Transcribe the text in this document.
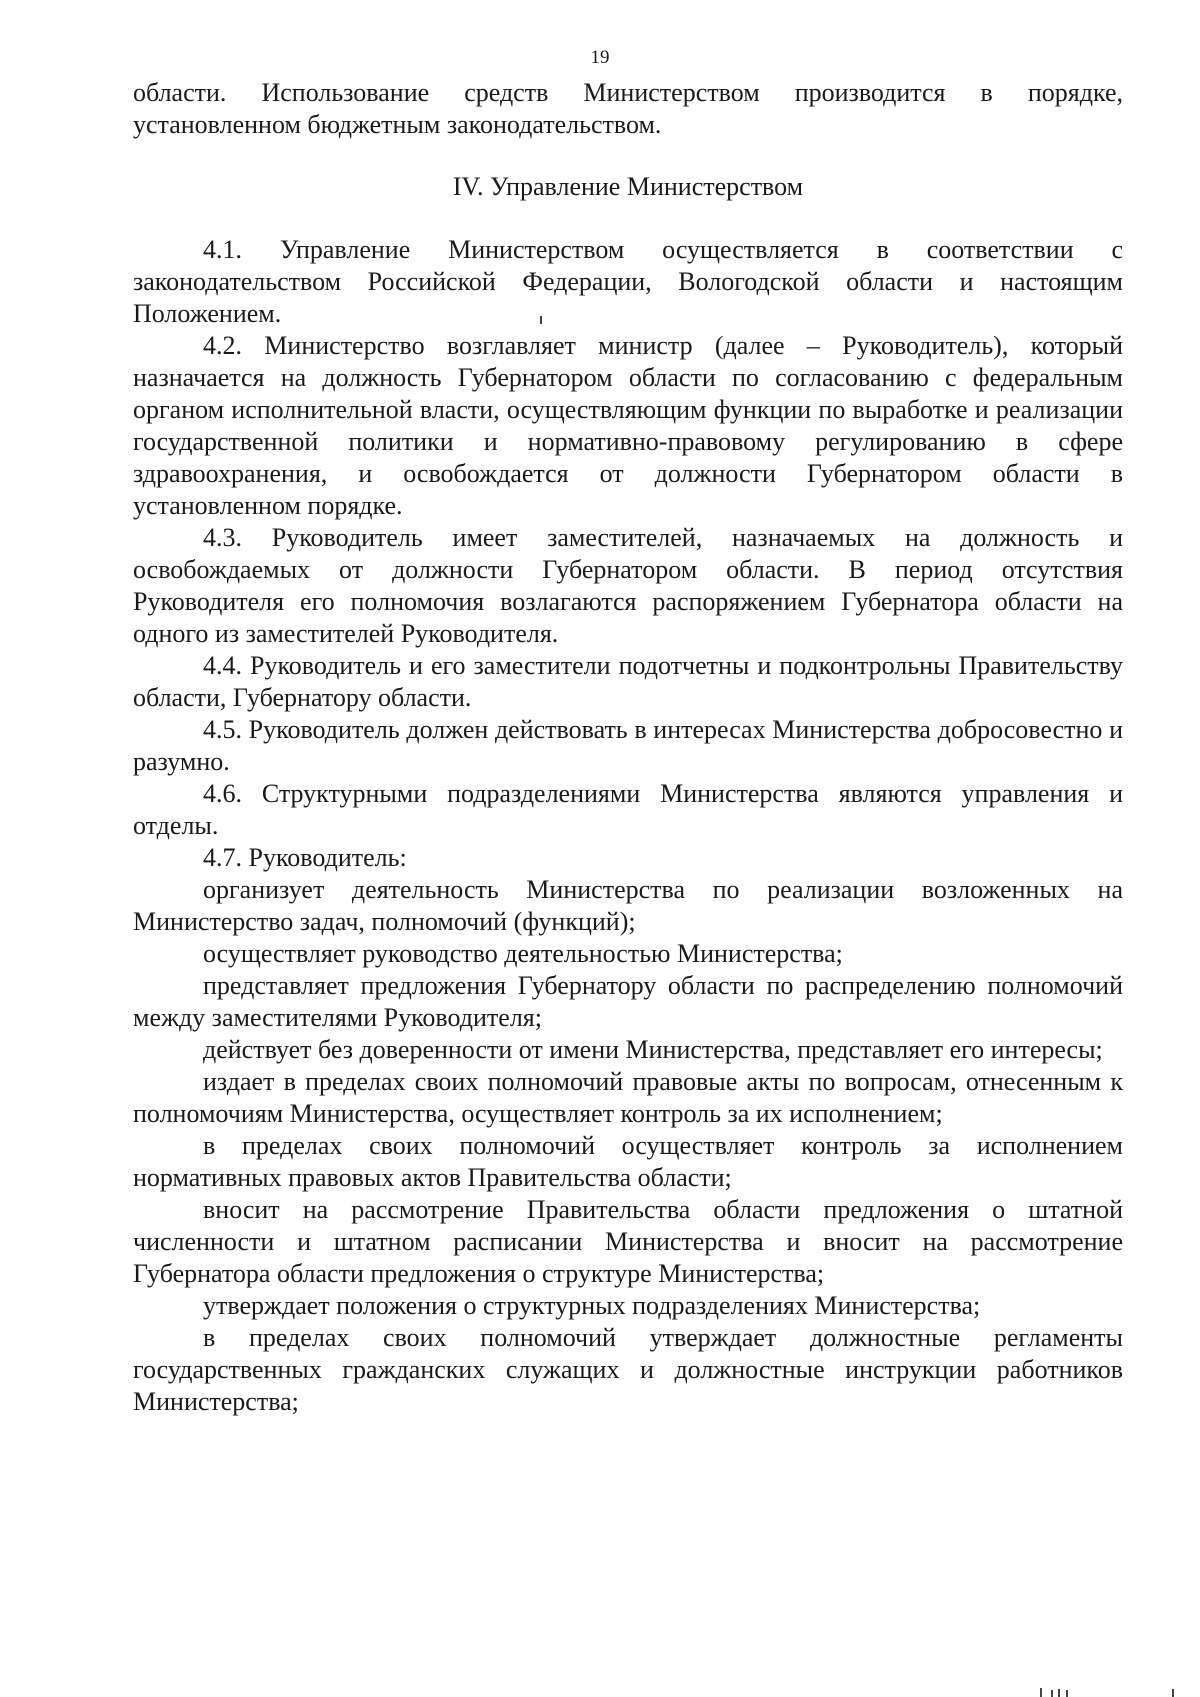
19

области. Использование средств Министерством производится в порядке, установленном бюджетным законодательством.

IV. Управление Министерством

4.1. Управление Министерством осуществляется в соответствии с законодательством Российской Федерации, Вологодской области и настоящим Положением.

4.2. Министерство возглавляет министр (далее – Руководитель), который назначается на должность Губернатором области по согласованию с федеральным органом исполнительной власти, осуществляющим функции по выработке и реализации государственной политики и нормативно-правовому регулированию в сфере здравоохранения, и освобождается от должности Губернатором области в установленном порядке.

4.3. Руководитель имеет заместителей, назначаемых на должность и освобождаемых от должности Губернатором области. В период отсутствия Руководителя его полномочия возлагаются распоряжением Губернатора области на одного из заместителей Руководителя.

4.4. Руководитель и его заместители подотчетны и подконтрольны Правительству области, Губернатору области.

4.5. Руководитель должен действовать в интересах Министерства добросовестно и разумно.

4.6. Структурными подразделениями Министерства являются управления и отделы.

4.7. Руководитель:

организует деятельность Министерства по реализации возложенных на Министерство задач, полномочий (функций);

осуществляет руководство деятельностью Министерства;

представляет предложения Губернатору области по распределению полномочий между заместителями Руководителя;

действует без доверенности от имени Министерства, представляет его интересы;

издает в пределах своих полномочий правовые акты по вопросам, отнесенным к полномочиям Министерства, осуществляет контроль за их исполнением;

в пределах своих полномочий осуществляет контроль за исполнением нормативных правовых актов Правительства области;

вносит на рассмотрение Правительства области предложения о штатной численности и штатном расписании Министерства и вносит на рассмотрение Губернатора области предложения о структуре Министерства;

утверждает положения о структурных подразделениях Министерства;

в пределах своих полномочий утверждает должностные регламенты государственных гражданских служащих и должностные инструкции работников Министерства;
